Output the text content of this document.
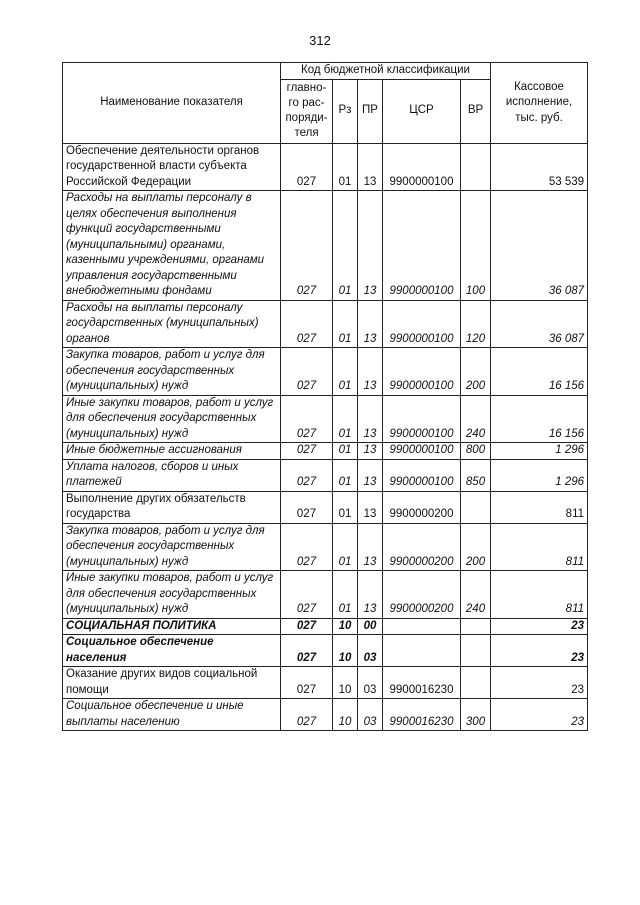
312
Наименование показателя	Код бюджетной классификации					Кассовое
исполнение,
тыс. руб.
	главно-
го рас-
поряди-
теля	Рз	ПР	ЦСР	ВР	
Обеспечение деятельности органов государственной власти субъекта Российской Федерации	027	01	13	9900000100		53 539
Расходы на выплаты персоналу в целях обеспечения выполнения функций государственными (муниципальными) органами, казенными учреждениями, органами управления государственными внебюджетными фондами	027	01	13	9900000100	100	36 087
Расходы на выплаты персоналу государственных (муниципальных) органов	027	01	13	9900000100	120	36 087
Закупка товаров, работ и услуг для обеспечения государственных (муниципальных) нужд	027	01	13	9900000100	200	16 156
Иные закупки товаров, работ и услуг для обеспечения государственных (муниципальных) нужд	027	01	13	9900000100	240	16 156
Иные бюджетные ассигнования	027	01	13	9900000100	800	1 296
Уплата налогов, сборов и иных платежей	027	01	13	9900000100	850	1 296
Выполнение других обязательств государства	027	01	13	9900000200		811
Закупка товаров, работ и услуг для обеспечения государственных (муниципальных) нужд	027	01	13	9900000200	200	811
Иные закупки товаров, работ и услуг для обеспечения государственных (муниципальных) нужд	027	01	13	9900000200	240	811
СОЦИАЛЬНАЯ ПОЛИТИКА	027	10	00			23
Социальное обеспечение населения	027	10	03			23
Оказание других видов социальной помощи	027	10	03	9900016230		23
Социальное обеспечение и иные выплаты населению	027	10	03	9900016230	300	23
